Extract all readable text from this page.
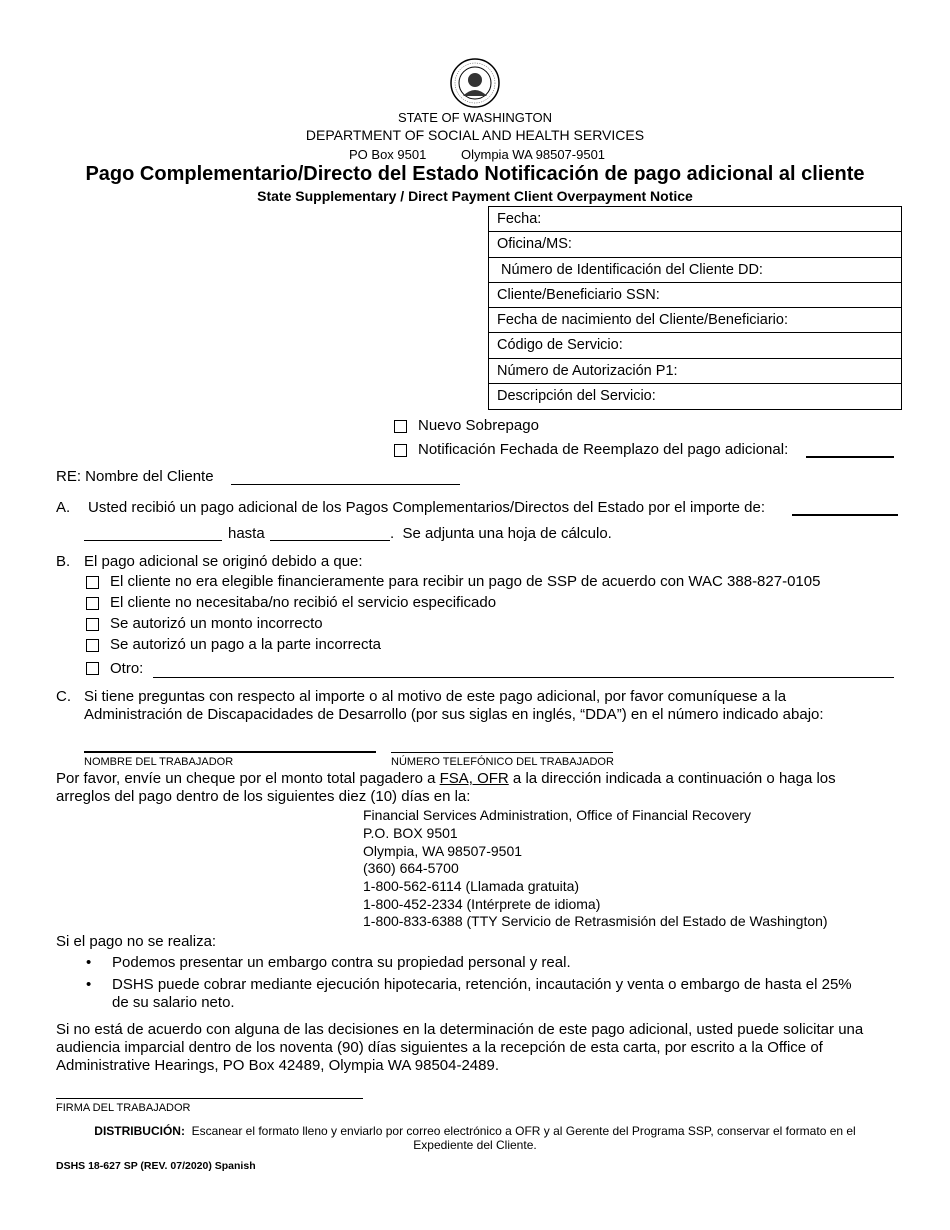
STATE OF WASHINGTON
DEPARTMENT OF SOCIAL AND HEALTH SERVICES
PO Box 9501	Olympia WA 98507-9501
Pago Complementario/Directo del Estado Notificación de pago adicional al cliente
State Supplementary / Direct Payment Client Overpayment Notice
Fecha:
Oficina/MS:
Número de Identificación del Cliente DD:
Cliente/Beneficiario SSN:
Fecha de nacimiento del Cliente/Beneficiario:
Código de Servicio:
Número de Autorización P1:
Descripción del Servicio:
Nuevo Sobrepago
Notificación Fechada de Reemplazo del pago adicional:
RE: Nombre del Cliente
A. Usted recibió un pago adicional de los Pagos Complementarios/Directos del Estado por el importe de:
hasta	.  Se adjunta una hoja de cálculo.
B. El pago adicional se originó debido a que:
El cliente no era elegible financieramente para recibir un pago de SSP de acuerdo con WAC 388-827-0105
El cliente no necesitaba/no recibió el servicio especificado
Se autorizó un monto incorrecto
Se autorizó un pago a la parte incorrecta
Otro:
C. Si tiene preguntas con respecto al importe o al motivo de este pago adicional, por favor comuníquese a la
Administración de Discapacidades de Desarrollo (por sus siglas en inglés, “DDA”) en el número indicado abajo:
NOMBRE DEL TRABAJADOR	NÚMERO TELEFÓNICO DEL TRABAJADOR
Por favor, envíe un cheque por el monto total pagadero a FSA, OFR a la dirección indicada a continuación o haga los
arreglos del pago dentro de los siguientes diez (10) días en la:
Financial Services Administration, Office of Financial Recovery
P.O. BOX 9501
Olympia, WA 98507-9501
(360) 664-5700
1-800-562-6114 (Llamada gratuita)
1-800-452-2334 (Intérprete de idioma)
1-800-833-6388 (TTY Servicio de Retrasmisión del Estado de Washington)
Si el pago no se realiza:
• Podemos presentar un embargo contra su propiedad personal y real.
• DSHS puede cobrar mediante ejecución hipotecaria, retención, incautación y venta o embargo de hasta el 25%
de su salario neto.
Si no está de acuerdo con alguna de las decisiones en la determinación de este pago adicional, usted puede solicitar una
audiencia imparcial dentro de los noventa (90) días siguientes a la recepción de esta carta, por escrito a la Office of
Administrative Hearings, PO Box 42489, Olympia WA 98504-2489.
FIRMA DEL TRABAJADOR
DISTRIBUCIÓN:  Escanear el formato lleno y enviarlo por correo electrónico a OFR y al Gerente del Programa SSP, conservar el formato en el
Expediente del Cliente.
DSHS 18-627 SP (REV. 07/2020) Spanish
